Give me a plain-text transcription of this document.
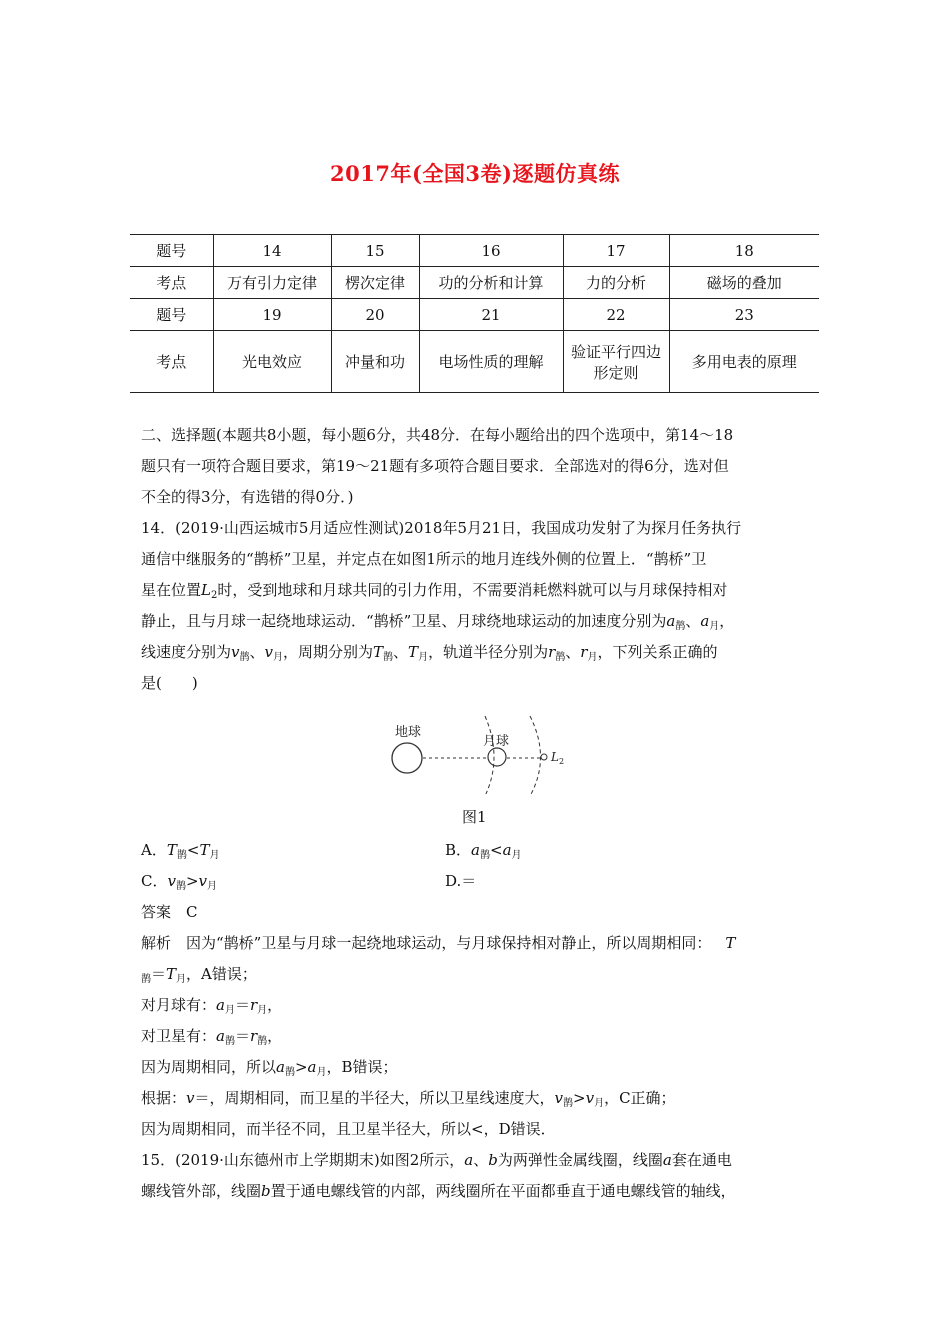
2017年(全国3卷)逐题仿真练
题号	14	15	16	17	18
考点	万有引力定律	楞次定律	功的分析和计算	力的分析	磁场的叠加
题号	19	20	21	22	23
考点	光电效应	冲量和功	电场性质的理解	验证平行四边形定则	多用电表的原理
二、选择题(本题共8小题，每小题6分，共48分．在每小题给出的四个选项中，第14～18
题只有一项符合题目要求，第19～21题有多项符合题目要求．全部选对的得6分，选对但
不全的得3分，有选错的得0分．)
14．(2019·山西运城市5月适应性测试)2018年5月21日，我国成功发射了为探月任务执行
通信中继服务的“鹊桥”卫星，并定点在如图1所示的地月连线外侧的位置上．“鹊桥”卫
星在位置$L_2$时，受到地球和月球共同的引力作用，不需要消耗燃料就可以与月球保持相对
静止，且与月球一起绕地球运动．“鹊桥”卫星、月球绕地球运动的加速度分别为$a_鹊$、$a_月$，
线速度分别为$v_鹊$、$v_月$，周期分别为$T_鹊$、$T_月$，轨道半径分别为$r_鹊$、$r_月$，下列关系正确的
是(　　)
地球
月球
L 2
图1
A．$T_鹊<T_月$	B．$a_鹊<a_月$
C．$v_鹊>v_月$	D.＝
答案　C
解析　因为“鹊桥”卫星与月球一起绕地球运动，与月球保持相对静止，所以周期相同： T
$_鹊=T_月$，A错误；
对月球有：$a_月=r_月$，
对卫星有：$a_鹊=r_鹊$，
因为周期相同，所以$a_鹊>a_月$，B错误；
根据：v＝，周期相同，而卫星的半径大，所以卫星线速度大，$v_鹊>v_月$，C正确；
因为周期相同，而半径不同，且卫星半径大，所以<，D错误．
15．(2019·山东德州市上学期期末)如图2所示，a、b为两弹性金属线圈，线圈a套在通电
螺线管外部，线圈b置于通电螺线管的内部，两线圈所在平面都垂直于通电螺线管的轴线，
